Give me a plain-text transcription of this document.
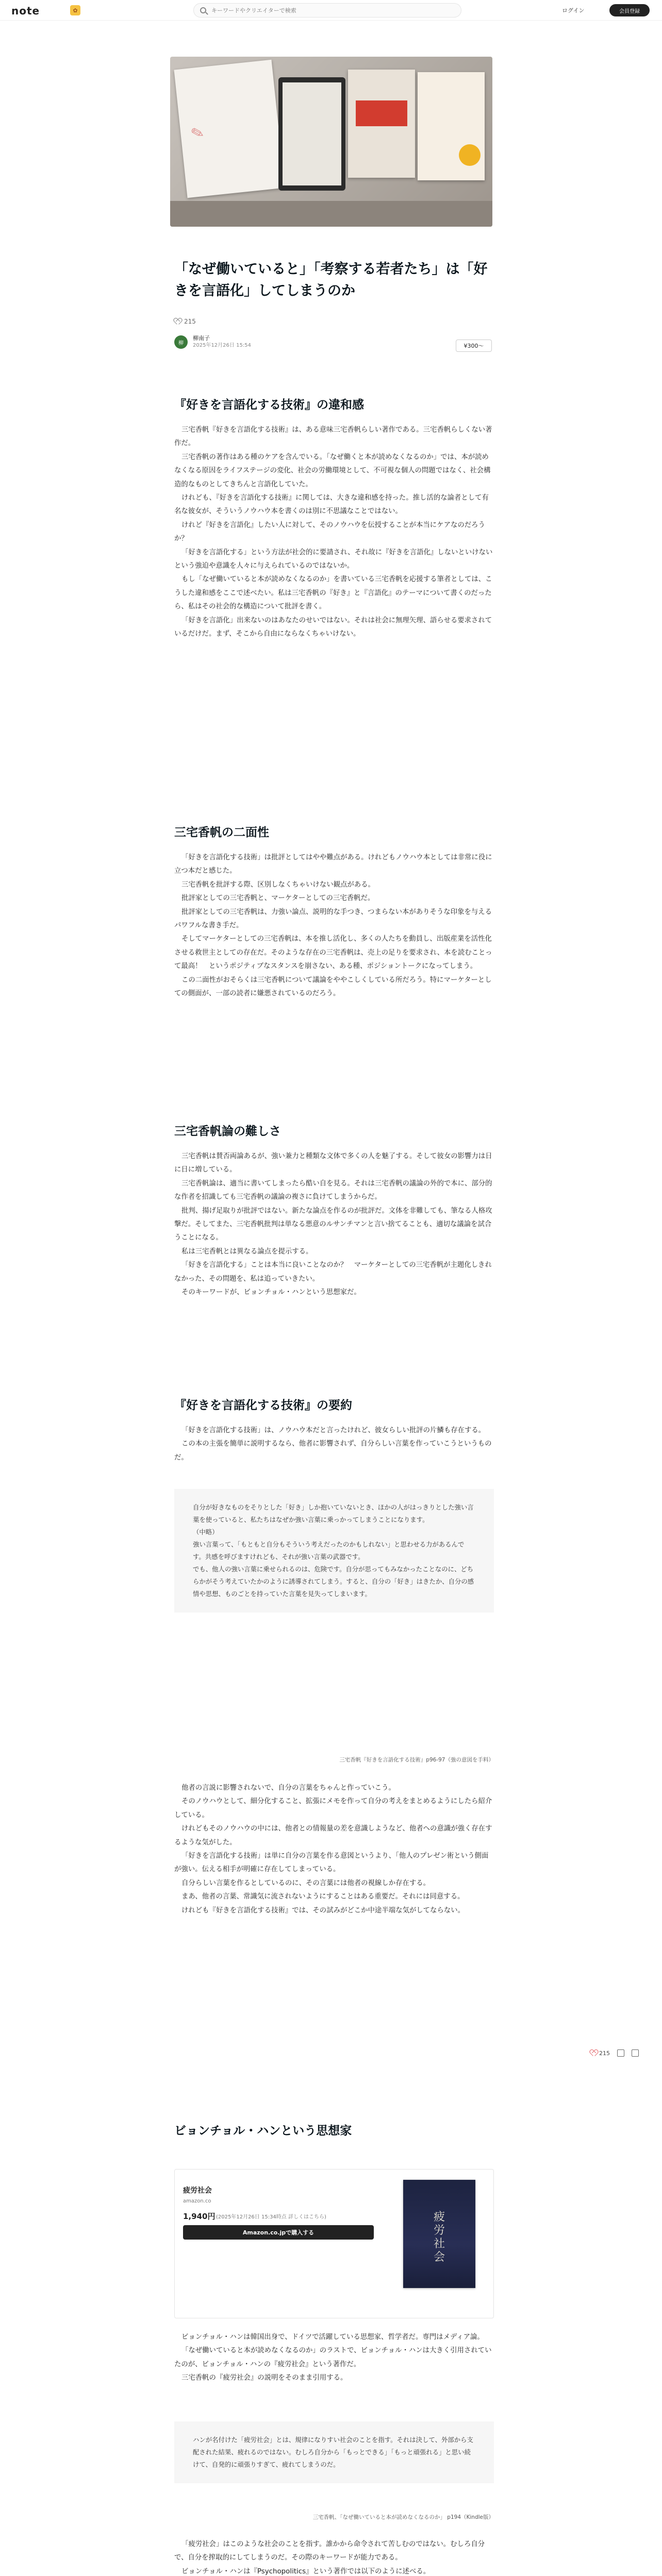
note	✿
キーワードやクリエイターで検索	ログイン	会員登録
✎
「なぜ働いていると」「考察する若者たち」は「好きを言語化」してしまうのか
215
柳
柳南子
2025年12月26日 15:54	¥300〜
『好きを言語化する技術』の違和感

三宅香帆『好きを言語化する技術』は、ある意味三宅香帆らしい著作である。三宅香帆らしくない著作だ。

三宅香帆の著作はある種のケアを含んでいる。「なぜ働くと本が読めなくなるのか」では、本が読めなくなる原因をライフステージの変化、社会の労働環境として、不可視な個人の問題ではなく、社会構造的なものとしてきちんと言語化していた。

けれども、『好きを言語化する技術』に関しては、大きな違和感を持った。推し活的な論者として有名な彼女が、そういうノウハウ本を書くのは別に不思議なことではない。

けれど『好きを言語化』したい人に対して、そのノウハウを伝授することが本当にケアなのだろうか？

「好きを言語化する」という方法が社会的に要請され、それ故に『好きを言語化』しないといけないという強迫や意識を人々に与えられているのではないか。

もし「なぜ働いていると本が読めなくなるのか」を書いている三宅香帆を応援する筆者としては、こうした違和感をここで述べたい。私は三宅香帆の『好き』と『言語化』のテーマについて書くのだったら、私はその社会的な構造について批評を書く。

「好きを言語化」出来ないのはあなたのせいではない。それは社会に無理矢理、語らせる要求されているだけだ。まず、そこから自由にならなくちゃいけない。

三宅香帆の二面性

「好きを言語化する技術」は批評としてはやや難点がある。けれどもノウハウ本としては非常に役に立つ本だと感じた。

三宅香帆を批評する際、区別しなくちゃいけない観点がある。

批評家としての三宅香帆と、マーケターとしての三宅香帆だ。

批評家としての三宅香帆は、力強い論点、説明的な手つき、つまらない本がありそうな印象を与えるパワフルな書き手だ。

そしてマーケターとしての三宅香帆は、本を推し活化し、多くの人たちを動員し、出版産業を活性化させる救世主としての存在だ。そのような存在の三宅香帆は、売上の足りを要求され、本を読むことって最高！　というポジティブなスタンスを崩さない、ある種、ポジショントークになってしまう。

この二面性がおそらくは三宅香帆について議論をややこしくしている所だろう。特にマーケターとしての側面が、一部の読者に嫌悪されているのだろう。

三宅香帆論の難しさ

三宅香帆は賛否両論あるが、強い兼力と種類な文体で多くの人を魅了する。そして彼女の影響力は日に日に増している。

三宅香帆論は、適当に書いてしまったら酷い自を見る。それは三宅香帆の議論の外的で本に、部分的な作者を招識しても三宅香帆の議論の複さに負けてしまうからだ。

批判、揚げ足取りが批評ではない。新たな論点を作るのが批評だ。文体を非難しても、筆なる人格攻撃だ。そしてまた、三宅香帆批判は単なる悪意のルサンチマンと言い捨てることも、適切な議論を試合うことになる。

私は三宅香帆とは異なる論点を提示する。

「好きを言語化する」ことは本当に良いことなのか？　マーケターとしての三宅香帆が主題化しきれなかった、その問題を、私は追っていきたい。

そのキーワードが、ビョンチョル・ハンという思想家だ。

『好きを言語化する技術』の要約

「好きを言語化する技術」は、ノウハウ本だと言ったけれど、彼女らしい批評の片鱗も存在する。

この本の主張を簡単に説明するなら、他者に影響されず、自分らしい言葉を作っていこうというものだ。

自分が好きなものをそりとした「好き」しか抱いていないとき、ほかの人がはっきりとした強い言葉を使っていると、私たちはなぜか強い言葉に乗っかってしまうことになります。

（中略）

強い言葉って、「もともと自分もそういう考えだったのかもしれない」と思わせる力があるんです。共感を呼びますけれども、それが強い言葉の武器です。

でも、他人の強い言葉に乗せられるのは、危険です。自分が思ってもみなかったことなのに、どちらかがそう考えていたかのように誘導されてしまう。すると、自分の「好き」はきたか、自分の感情や思想、ものごとを持っていた言葉を見失ってしまいます。

三宅香帆『好きを言語化する技術』p96-97（強の意図を手料）

他者の言説に影響されないで、自分の言葉をちゃんと作っていこう。

そのノウハウとして、細分化すること、拡張にメモを作って自分の考えをまとめるようにしたら紹介している。

けれどもそのノウハウの中には、他者との情報量の差を意識しようなど、他者への意識が強く存在するような気がした。

「好きを言語化する技術」は単に自分の言葉を作る意図というより、「他人のプレゼン術という側面が強い。伝える相手が明確に存在してしまっている。

自分らしい言葉を作るとしているのに、その言葉には他者の視線しか存在する。

まあ、他者の言葉、常識気に流されないようにすることはある重要だ。それには同意する。

けれども『好きを言語化する技術』では、その試みがどこか中途半端な気がしてならない。

ビョンチョル・ハンという思想家
疲労社会
amazon.co
1,940円 (2025年12月26日 15:34時点 詳しくはこちら)
Amazon.co.jpで購入する
疲労社会

ビョンチョル・ハンは韓国出身で、ドイツで活躍している思想家、哲学者だ。専門はメディア論。

「なぜ働いていると本が読めなくなるのか」のラストで、ビョンチョル・ハンは大きく引用されていたのが、ビョンチョル・ハンの『疲労社会』という著作だ。

三宅香帆の『疲労社会』の説明をそのまま引用する。

ハンが名付けた「疲労社会」とは、規律になりすい社会のことを指す。それは決して、外部から支配された結果、疲れるのではない。むしろ自分から「もっとできる」「もっと頑張れる」と思い続けて、自発的に頑張りすぎて、疲れてしまうのだ。

三宅香帆、「なぜ働いていると本が読めなくなるのか」 p194（Kindle版）

「疲労社会」はこのような社会のことを指す。誰かから命令されて苦しむのではない。むしろ自分で、自分を搾取的にしてしまうのだ。その際のキーワードが能力である。

ビョンチョル・ハンは『Psychopolitics』という著作では以下のように述べる。

215
